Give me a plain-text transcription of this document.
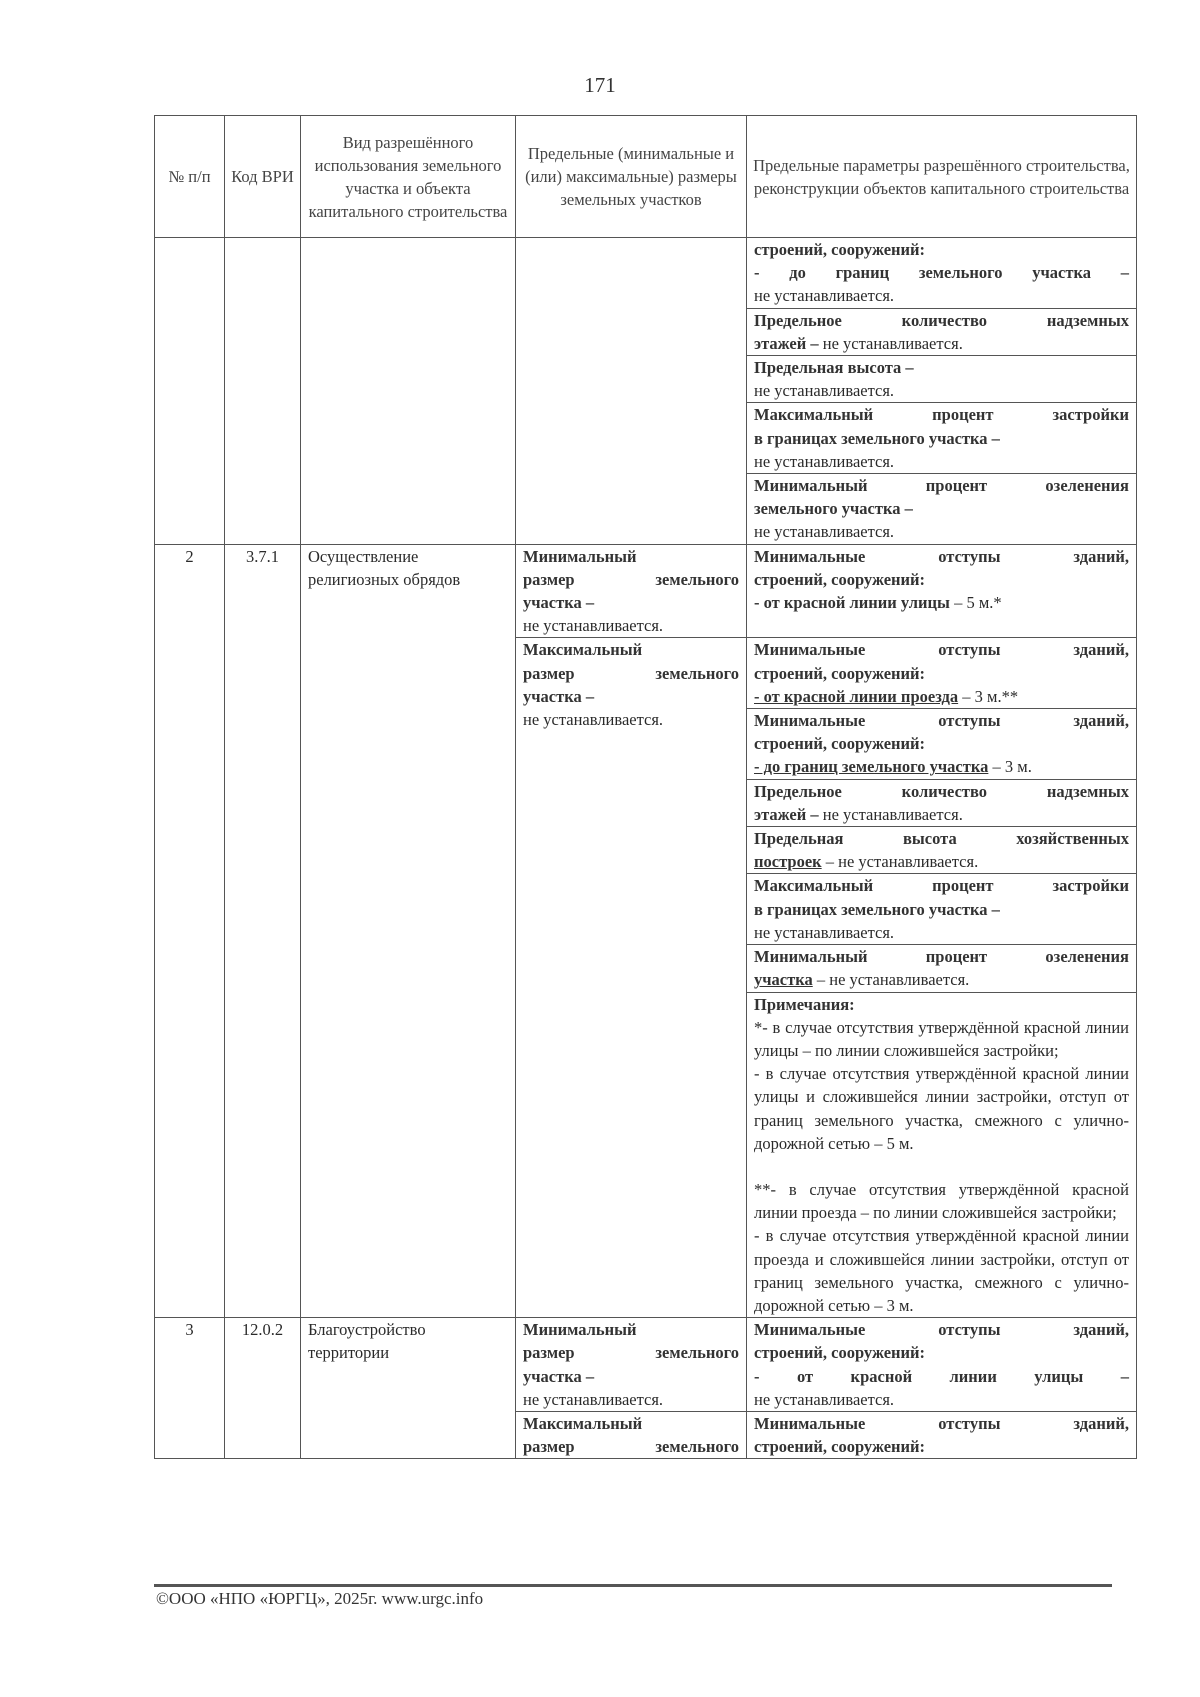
171
№ п/п	Код ВРИ	Вид разрешённого использования земельного участка и объекта капитального строительства	Предельные (минимальные и (или) максимальные) размеры земельных участков	Предельные параметры разрешённого строительства, реконструкции объектов капитального строительства

				строений, сооружений:
- до границ земельного участка –
не устанавливается.

				Предельное количество надземных
этажей – не устанавливается.

				Предельная высота –
не устанавливается.

				Максимальный процент застройки
в границах земельного участка –
не устанавливается.

				Минимальный процент озеленения
земельного участка –
не устанавливается.

2	3.7.1	Осуществление религиозных обрядов	Минимальный
размер земельного
участка –
не устанавливается.	Минимальные отступы зданий,
строений, сооружений:
- от красной линии улицы – 5 м.*

			Максимальный
размер земельного
участка –
не устанавливается.	Минимальные отступы зданий,
строений, сооружений:
- от красной линии проезда – 3 м.**

				Минимальные отступы зданий,
строений, сооружений:
- до границ земельного участка – 3 м.

				Предельное количество надземных
этажей – не устанавливается.

				Предельная высота хозяйственных
построек – не устанавливается.

				Максимальный процент застройки
в границах земельного участка –
не устанавливается.

				Минимальный процент озеленения
участка – не устанавливается.

				Примечания:
*- в случае отсутствия утверждённой красной линии улицы – по линии сложившейся застройки;
- в случае отсутствия утверждённой красной линии улицы и сложившейся линии застройки, отступ от границ земельного участка, смежного с улично-дорожной сетью – 5 м.
**- в случае отсутствия утверждённой красной линии проезда – по линии сложившейся застройки;
- в случае отсутствия утверждённой красной линии проезда и сложившейся линии застройки, отступ от границ земельного участка, смежного с улично-дорожной сетью – 3 м.

3	12.0.2	Благоустройство территории	Минимальный
размер земельного
участка –
не устанавливается.	Минимальные отступы зданий,
строений, сооружений:
- от красной линии улицы –
не устанавливается.

			Максимальный
размер земельного	Минимальные отступы зданий,
строений, сооружений:
©ООО «НПО «ЮРГЦ», 2025г. www.urgc.info
